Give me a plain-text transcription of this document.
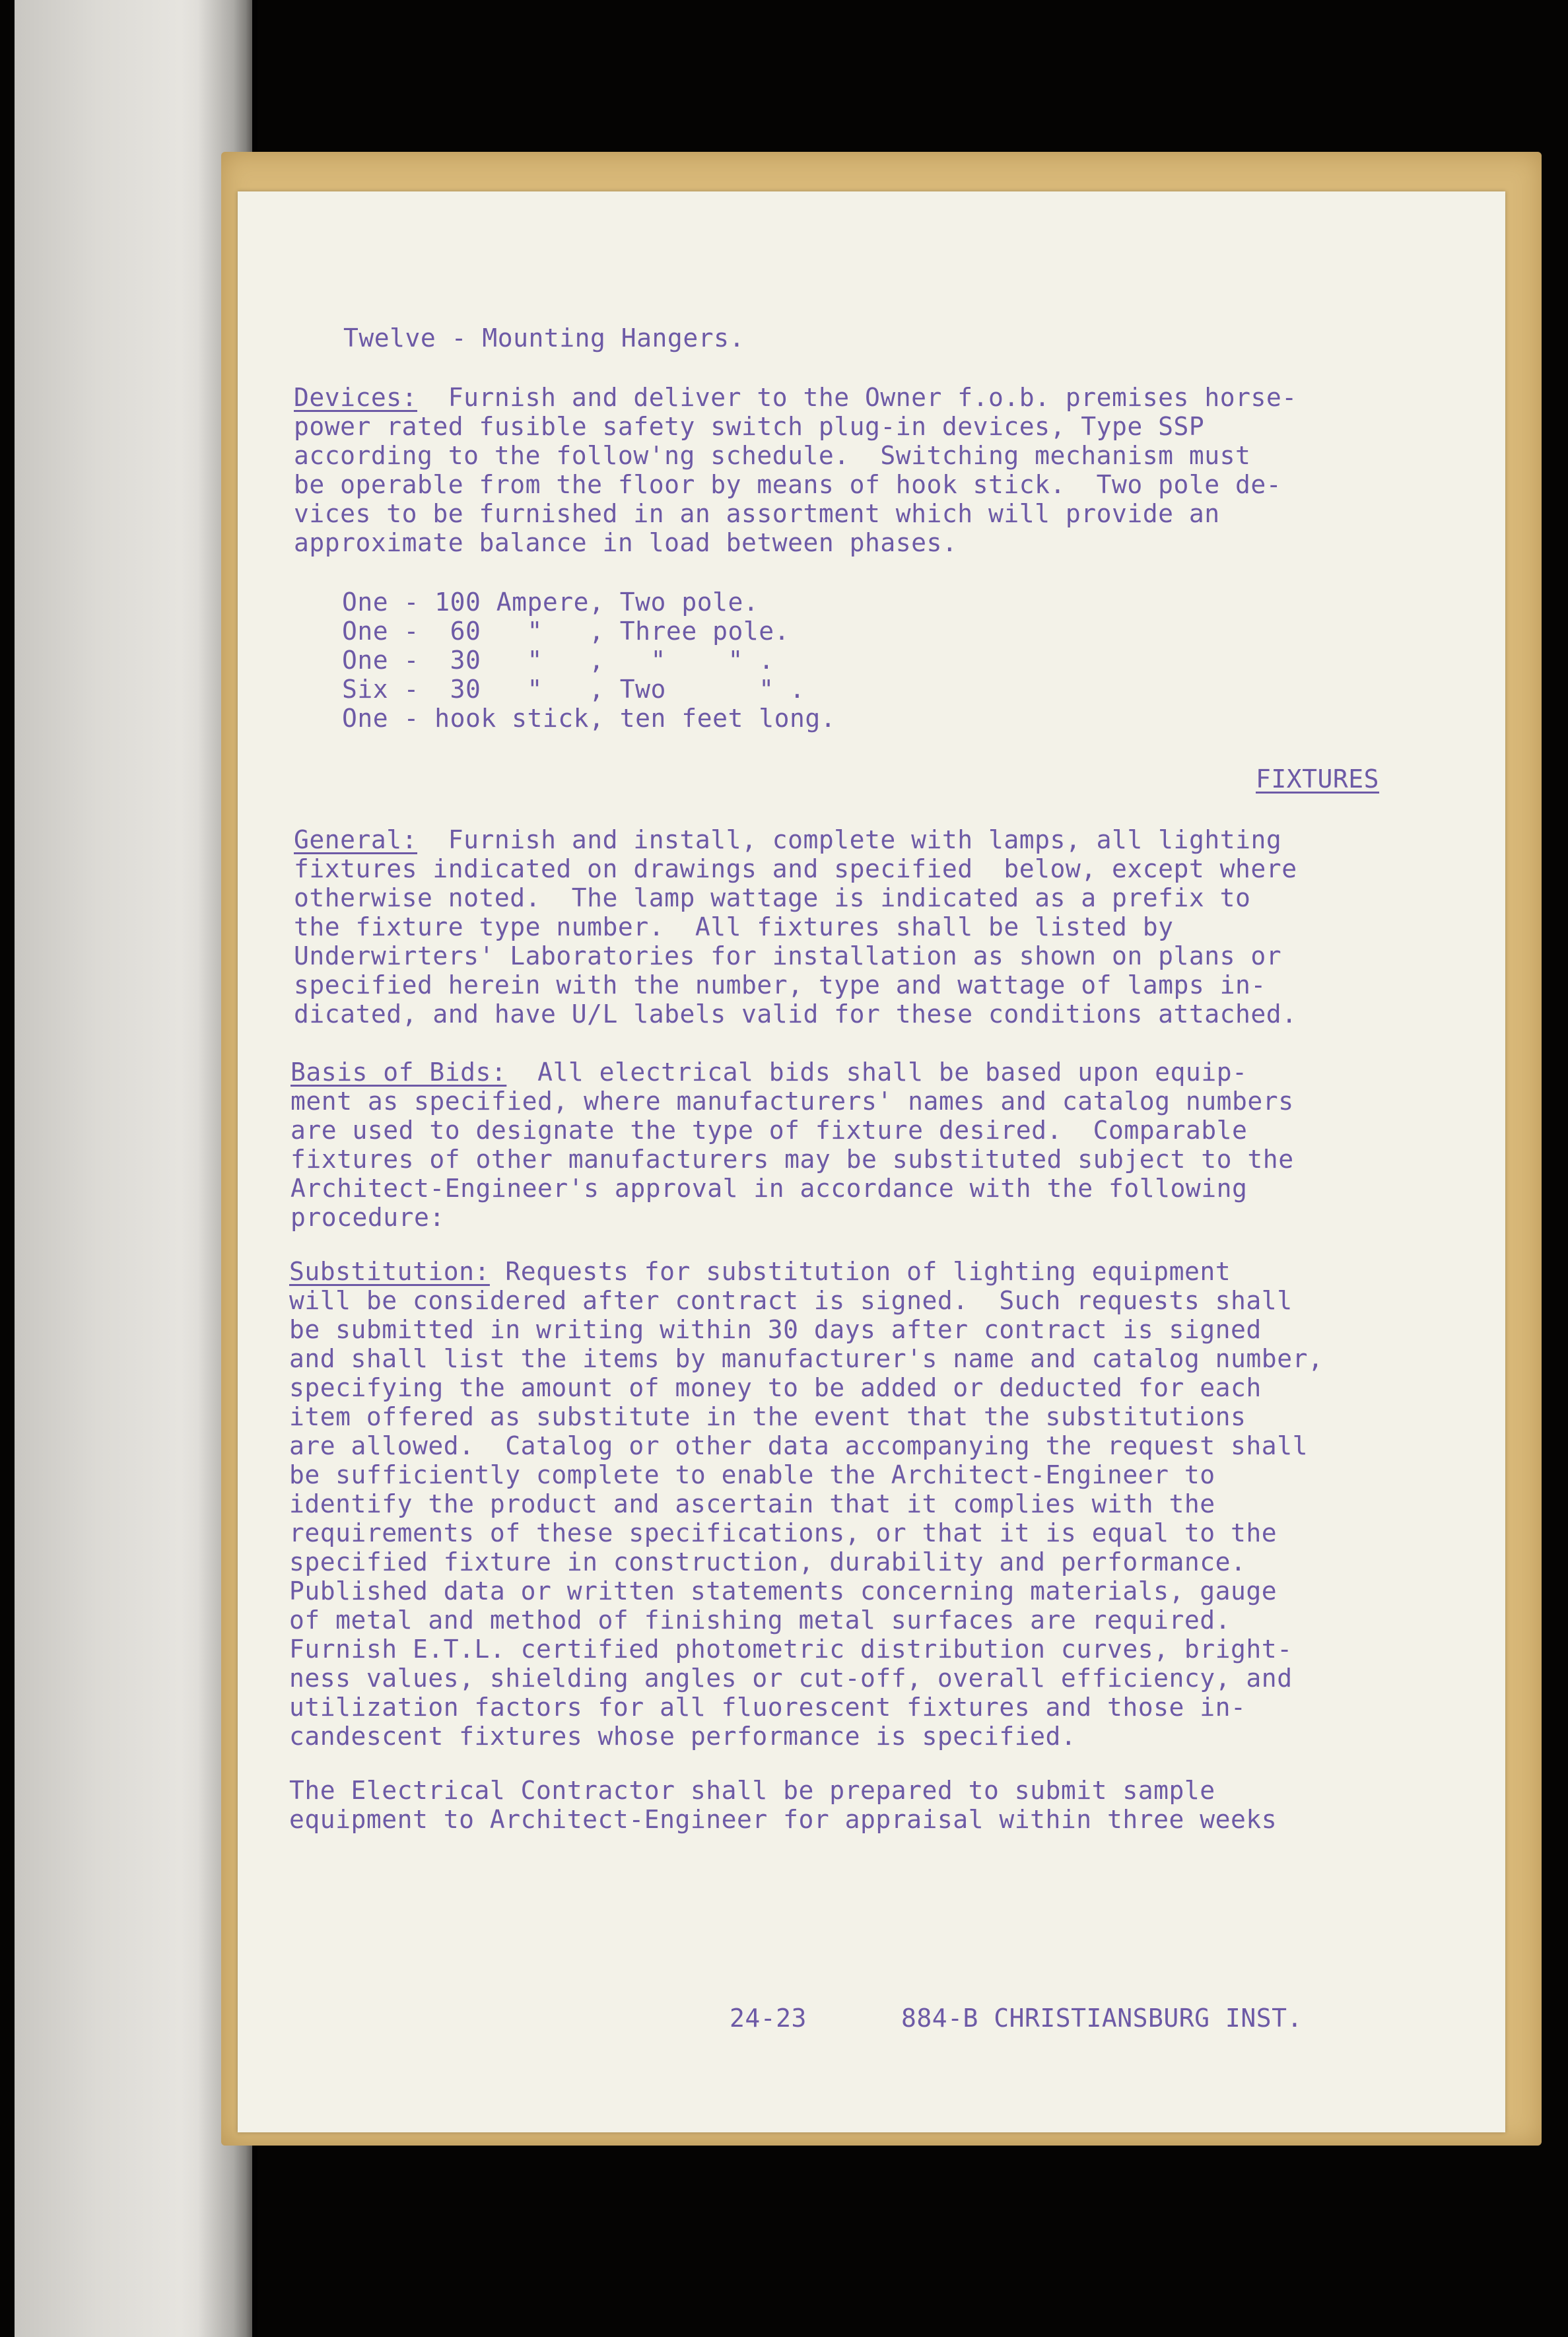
Twelve - Mounting Hangers.
Devices: Furnish and deliver to the Owner f.o.b. premises horse-
power rated fusible safety switch plug-in devices, Type SSP
according to the follow'ng schedule.  Switching mechanism must
be operable from the floor by means of hook stick.  Two pole de-
vices to be furnished in an assortment which will provide an
approximate balance in load between phases.
One - 100 Ampere, Two pole.
One -  60   "   , Three pole.
One -  30   "   ,   "    " .
Six -  30   "   , Two      " .
One - hook stick, ten feet long.
FIXTURES
General: Furnish and install, complete with lamps, all lighting
fixtures indicated on drawings and specified  below, except where
otherwise noted.  The lamp wattage is indicated as a prefix to
the fixture type number.  All fixtures shall be listed by
Underwirters' Laboratories for installation as shown on plans or
specified herein with the number, type and wattage of lamps in-
dicated, and have U/L labels valid for these conditions attached.
Basis of Bids: All electrical bids shall be based upon equip-
ment as specified, where manufacturers' names and catalog numbers
are used to designate the type of fixture desired.  Comparable
fixtures of other manufacturers may be substituted subject to the
Architect-Engineer's approval in accordance with the following
procedure:
Substitution: Requests for substitution of lighting equipment
will be considered after contract is signed.  Such requests shall
be submitted in writing within 30 days after contract is signed
and shall list the items by manufacturer's name and catalog number,
specifying the amount of money to be added or deducted for each
item offered as substitute in the event that the substitutions
are allowed.  Catalog or other data accompanying the request shall
be sufficiently complete to enable the Architect-Engineer to
identify the product and ascertain that it complies with the
requirements of these specifications, or that it is equal to the
specified fixture in construction, durability and performance.
Published data or written statements concerning materials, gauge
of metal and method of finishing metal surfaces are required.
Furnish E.T.L. certified photometric distribution curves, bright-
ness values, shielding angles or cut-off, overall efficiency, and
utilization factors for all fluorescent fixtures and those in-
candescent fixtures whose performance is specified.
The Electrical Contractor shall be prepared to submit sample
equipment to Architect-Engineer for appraisal within three weeks
24-23	884-B CHRISTIANSBURG INST.
